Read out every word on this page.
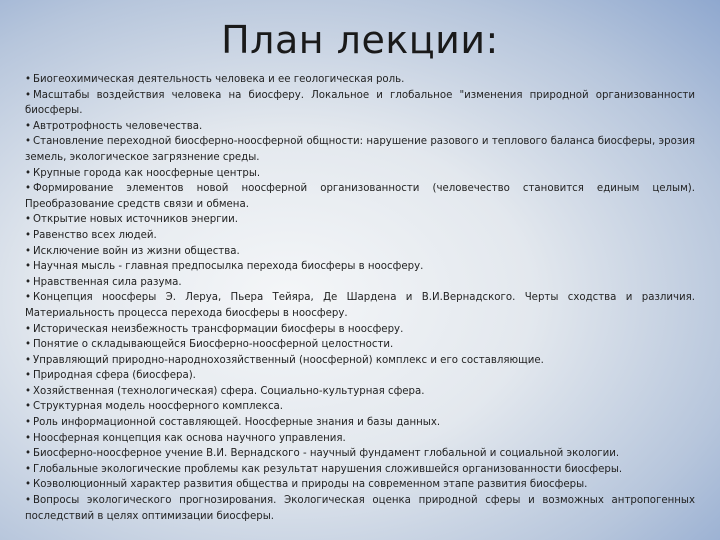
План лекции:

• Биогеохимическая деятельность человека и ее геологическая роль.

• Масштабы воздействия человека на биосферу. Локальное и глобальное "изменения природной организованности биосферы.

• Автротрофность человечества.

• Становление переходной биосферно-ноосферной общности: нарушение разового и теплового баланса биосферы, эрозия земель, экологическое загрязнение среды.

• Крупные города как ноосферные центры.

• Формирование элементов новой ноосферной организованности (человечество становится единым целым). Преобразование средств связи и обмена.

• Открытие новых источников энергии.

• Равенство всех людей.

• Исключение войн из жизни общества.

• Научная мысль - главная предпосылка перехода биосферы в ноосферу.

• Нравственная сила разума.

• Концепция ноосферы Э. Леруа, Пьера Тейяра, Де Шардена и В.И.Вернадского. Черты сходства и различия. Материальность процесса перехода биосферы в ноосферу.

• Историческая неизбежность трансформации биосферы в ноосферу.

• Понятие о складывающейся Биосферно-ноосферной целостности.

• Управляющий природно-народнохозяйственный (ноосферной) комплекс и его составляющие.

• Природная сфера (биосфера).

• Хозяйственная (технологическая) сфера. Социально-культурная сфера.

• Структурная модель ноосферного комплекса.

• Роль информационной составляющей. Ноосферные знания и базы данных.

• Ноосферная концепция как основа научного управления.

• Биосферно-ноосферное учение В.И. Вернадского - научный фундамент глобальной и социальной экологии.

• Глобальные экологические проблемы как результат нарушения сложившейся организованности биосферы.

• Коэволюционный характер развития общества и природы на современном этапе развития биосферы.

• Вопросы экологического прогнозирования. Экологическая оценка природной сферы и возможных антропогенных последствий в целях оптимизации биосферы.
